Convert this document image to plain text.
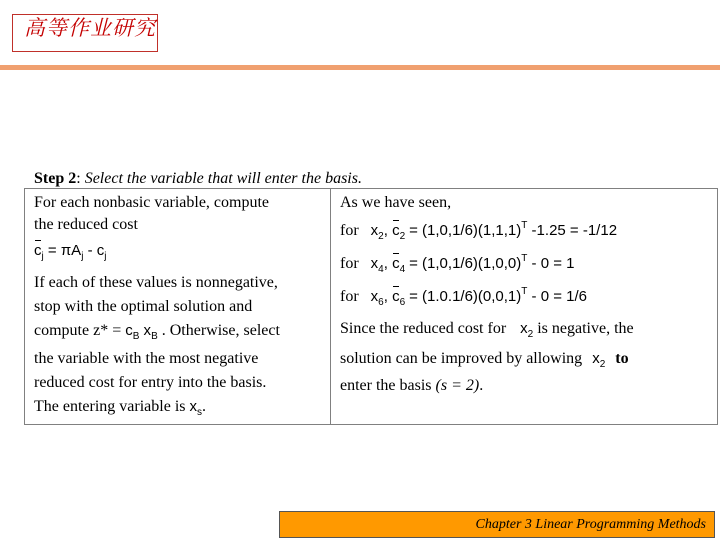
高等作业研究
Step 2: Select the variable that will enter the basis.
For each nonbasic variable, compute
the reduced cost
$c_j = \pi A_j - c_j$
If each of these values is nonnegative,
stop with the optimal solution and
compute $z* = c_B$ $x_B$ . Otherwise, select
the variable with the most negative
reduced cost for entry into the basis.
The entering variable is $x_s$.
As we have seen,
for $x_2$, $c_2 = (1,0,1/6)(1,1,1)^T$ -1.25 = -1/12
for $x_4$, $c_4 = (1,0,1/6)(1,0,0)^T - 0 = 1$
for $x_6$, $c_6 = (1.0.1/6)(0,0,1)^T - 0 = 1/6$
Since the reduced cost for $x_2$ is negative, the
solution can be improved by allowing $x_2$ to
enter the basis (s = 2).
Chapter 3 Linear Programming Methods
